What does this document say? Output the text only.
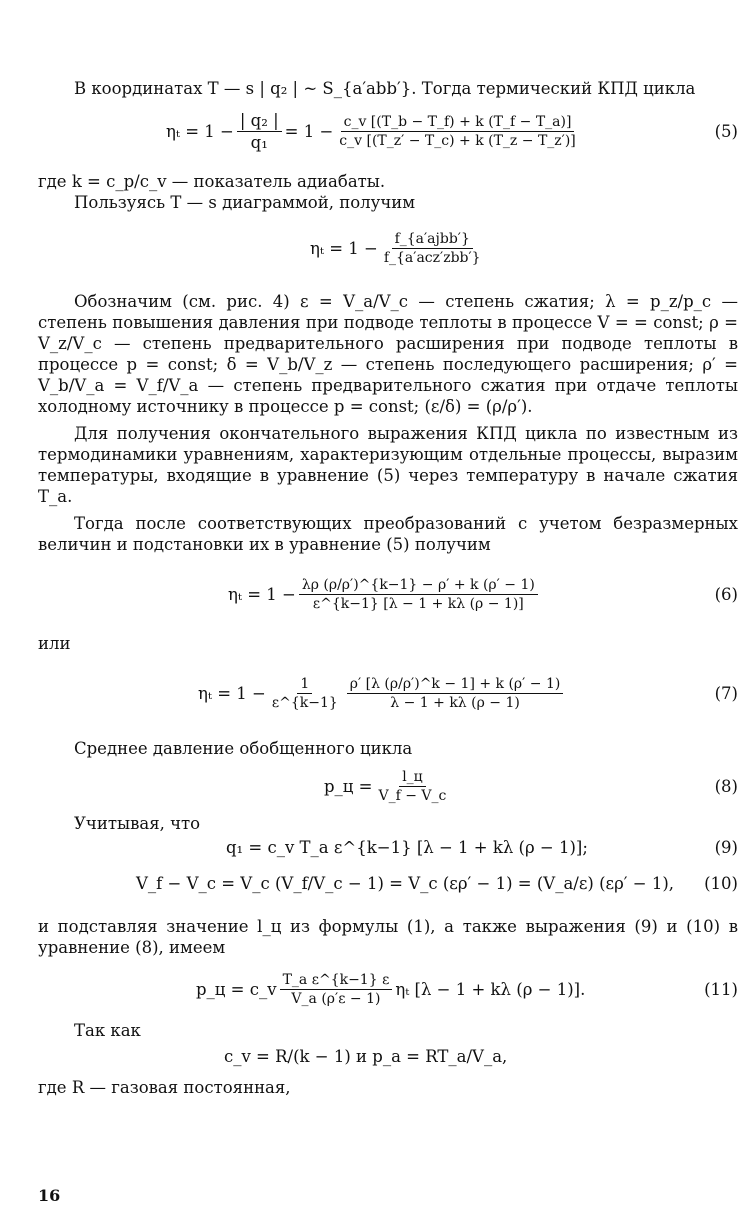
В координатах T — s | q₂ | ~ S_{a′abb′}. Тогда термический КПД цикла

$\eta_t = 1 - \frac{\text{| q₂ |}}{\text{q₁}} = 1 - \frac{c\_v [(T\_b - T\_f) + k (T\_f - T\_a)]}{c\_v [(T\_z' - T\_c) + k (T\_z - T\_z')]}$	(5)

где k = c_p/c_v — показатель адиабаты.

Пользуясь T — s диаграммой, получим

$\eta_t = 1 - \frac{\text{f\_\{a′ajbb′\}}}{\text{f\_\{a′acz′zbb′\}}}$

Обозначим (см. рис. 4) ε = V_a/V_c — степень сжатия; λ = p_z/p_c — степень повышения давления при подводе теплоты в процессе V = = const; ρ = V_z/V_c — степень предварительного расширения при подводе теплоты в процессе p = const; δ = V_b/V_z — степень последующего расширения; ρ′ = V_b/V_a = V_f/V_a — степень предварительного сжатия при отдаче теплоты холодному источнику в процессе p = const; (ε/δ) = (ρ/ρ′).

Для получения окончательного выражения КПД цикла по известным из термодинамики уравнениям, характеризующим отдельные процессы, выразим температуры, входящие в уравнение (5) через температуру в начале сжатия T_a.

Тогда после соответствующих преобразований с учетом безразмерных величин и подстановки их в уравнение (5) получим

$\eta_t = 1 - \frac{\lambda\rho (\rho/\rho')\^{}\{k-1\} - \rho' + k (\rho' - 1)}{\varepsilon\^{}\{k-1\} [\lambda - 1 + k\lambda (\rho - 1)]}$	(6)

или

$\eta_t = 1 - \frac{1}{\varepsilon\^{}\{k-1\}} \frac{\rho' [\lambda (\rho/\rho')\^{}k - 1] + k (\rho' - 1)}{\lambda - 1 + k\lambda (\rho - 1)}$	(7)

Среднее давление обобщенного цикла

p_ц = $\frac{l\_ц}{V\_f - V\_c}$	(8)

Учитывая, что

q₁ = c_v T_a ε^{k−1} [λ − 1 + kλ (ρ − 1)];	(9)
V_f − V_c = V_c (V_f/V_c − 1) = V_c (ερ′ − 1) = (V_a/ε) (ερ′ − 1), (10)

и подставляя значение l_ц из формулы (1), а также выражения (9) и (10) в уравнение (8), имеем

p_ц = c_v $\frac{\text{T\_a ε\textasciicircum{}\{k−1\} ε}}{V\_a (\rho'\varepsilon - 1)}$ ηₜ [λ − 1 + kλ (ρ − 1)].	(11)

Так как

c_v = R/(k − 1) и p_a = RT_a/V_a,

где R — газовая постоянная,

16
